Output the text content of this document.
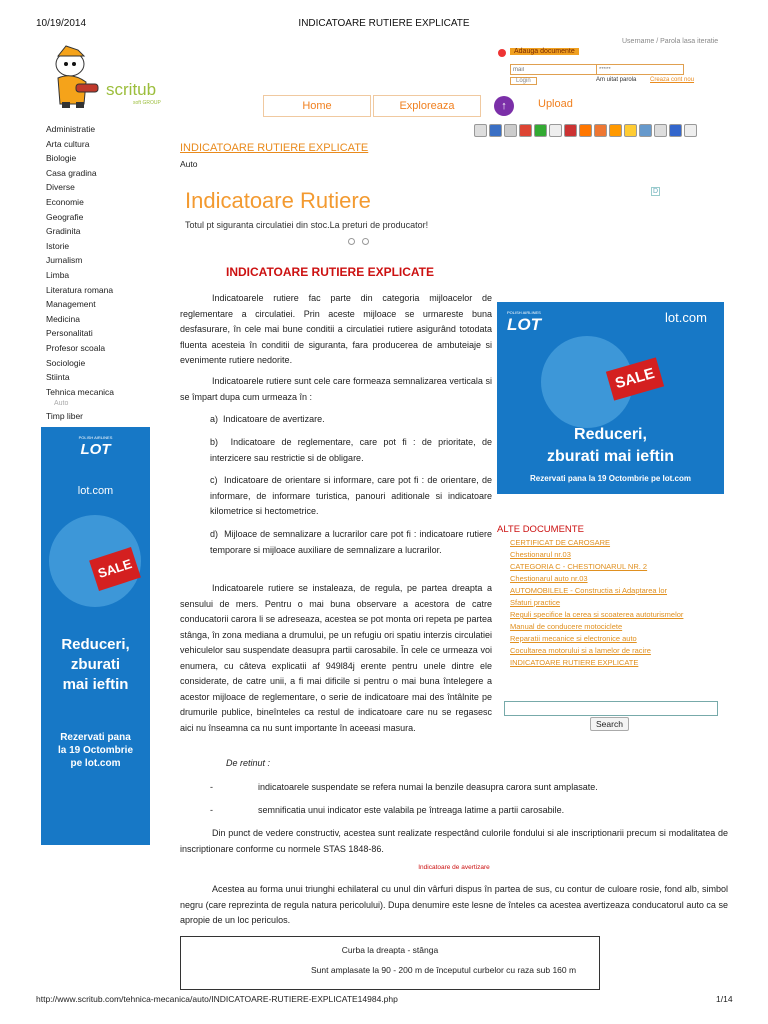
10/19/2014	INDICATOARE RUTIERE EXPLICATE
scritub
soft GROUP
Username / Parola lasa iteratie
Adauga documente
mail
*****
Login	Am uitat parola Creaza cont nou
Home	Exploreaza	↑	Upload
Administratie
Arta cultura
Biologie
Casa gradina
Diverse
Economie
Geografie
Gradinita
Istorie
Jurnalism
Limba
Literatura romana
Management
Medicina
Personalitati
Profesor scoala
Sociologie
Stiinta
Tehnica mecanica
Auto
Timp liber
POLISH AIRLINES
LOT
lot.com
SALE
Reduceri,
zburati
mai ieftin
Rezervati pana
la 19 Octombrie
pe lot.com
INDICATOARE RUTIERE EXPLICATE
Auto
Indicatoare Rutiere
Totul pt siguranta circulatiei din stoc.La preturi de producator!
D
INDICATOARE RUTIERE EXPLICATE
Indicatoarele rutiere fac parte din categoria mijloacelor de reglementare a circulatiei. Prin aceste mijloace se urmareste buna desfasurare, în cele mai bune conditii a circulatiei rutiere asigurând totodata fluenta acesteia în conditii de siguranta, fara producerea de ambuteiaje si evenimente rutiere nedorite.
Indicatoarele rutiere sunt cele care formeaza semnalizarea verticala si se împart dupa cum urmeaza în :
a) Indicatoare de avertizare.
b) Indicatoare de reglementare, care pot fi : de prioritate, de interzicere sau restrictie si de obligare.
c) Indicatoare de orientare si informare, care pot fi : de orientare, de informare, de informare turistica, panouri aditionale si indicatoare kilometrice si hectometrice.
d) Mijloace de semnalizare a lucrarilor care pot fi : indicatoare rutiere temporare si mijloace auxiliare de semnalizare a lucrarilor.
Indicatoarele rutiere se instaleaza, de regula, pe partea dreapta a sensului de mers. Pentru o mai buna observare a acestora de catre conducatorii carora li se adreseaza, acestea se pot monta ori repeta pe partea stânga, în zona mediana a drumului, pe un refugiu ori spatiu interzis circulatiei vehiculelor sau suspendate deasupra partii carosabile. În cele ce urmeaza voi enumera, cu câteva explicatii af 949l84j erente pentru unele dintre ele considerate, de catre unii, a fi mai dificile si pentru o mai buna întelegere a acestor mijloace de reglementare, o serie de indicatoare mai des întâlnite pe drumurile publice, bineînteles ca restul de indicatoare care nu se regasesc aici nu înseamna ca nu sunt importante în aceeasi masura.
De retinut :
-	indicatoarele suspendate se refera numai la benzile deasupra carora sunt amplasate.
-	semnificatia unui indicator este valabila pe întreaga latime a partii carosabile.
Din punct de vedere constructiv, acestea sunt realizate respectând culorile fondului si ale inscriptionarii precum si modalitatea de inscriptionare conforme cu normele STAS 1848-86.
Indicatoare de avertizare
Acestea au forma unui triunghi echilateral cu unul din vârfuri dispus în partea de sus, cu contur de culoare rosie, fond alb, simbol negru (care reprezinta de regula natura pericolului). Dupa denumire este lesne de înteles ca acestea avertizeaza conducatorul auto ca se apropie de un loc periculos.
Curba la dreapta - stânga
Sunt amplasate la 90 - 200 m de începutul curbelor cu raza sub 160 m
POLISH AIRLINES
LOT	lot.com
SALE
Reduceri,
zburati mai ieftin
Rezervati pana la 19 Octombrie pe lot.com
ALTE DOCUMENTE
CERTIFICAT DE CAROSARE
Chestionarul nr.03
CATEGORIA C - CHESTIONARUL NR. 2
Chestionarul auto nr.03
AUTOMOBILELE - Constructia si Adaptarea lor
Sfaturi practice
Reguli specifice la cerea si scoaterea autoturismelor
Manual de conducere motociclete
Reparatii mecanice si electronice auto
Cocultarea motorului si a lamelor de racire
INDICATOARE RUTIERE EXPLICATE
Search
http://www.scritub.com/tehnica-mecanica/auto/INDICATOARE-RUTIERE-EXPLICATE14984.php	1/14
